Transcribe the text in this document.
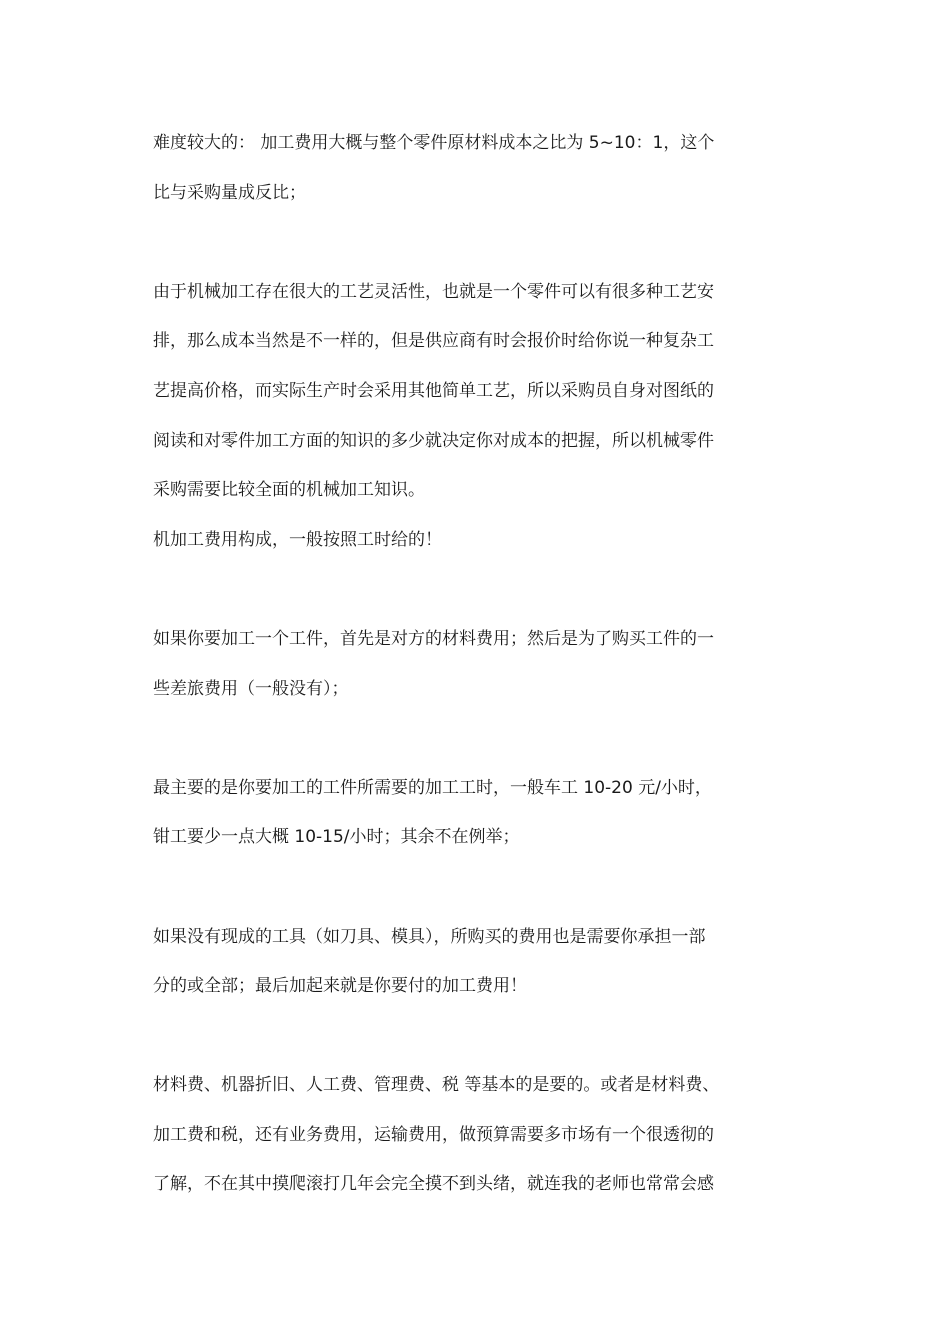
难度较大的： 加工费用大概与整个零件原材料成本之比为 5~10：1，这个
比与采购量成反比；
由于机械加工存在很大的工艺灵活性，也就是一个零件可以有很多种工艺安
排，那么成本当然是不一样的，但是供应商有时会报价时给你说一种复杂工
艺提高价格，而实际生产时会采用其他简单工艺，所以采购员自身对图纸的
阅读和对零件加工方面的知识的多少就决定你对成本的把握，所以机械零件
采购需要比较全面的机械加工知识。
机加工费用构成，一般按照工时给的！
如果你要加工一个工件，首先是对方的材料费用；然后是为了购买工件的一
些差旅费用（一般没有）；
最主要的是你要加工的工件所需要的加工工时，一般车工 10-20 元/小时，
钳工要少一点大概 10-15/小时；其余不在例举；
如果没有现成的工具（如刀具、模具），所购买的费用也是需要你承担一部
分的或全部；最后加起来就是你要付的加工费用！
材料费、机器折旧、人工费、管理费、税 等基本的是要的。或者是材料费、
加工费和税，还有业务费用，运输费用，做预算需要多市场有一个很透彻的
了解，不在其中摸爬滚打几年会完全摸不到头绪，就连我的老师也常常会感
